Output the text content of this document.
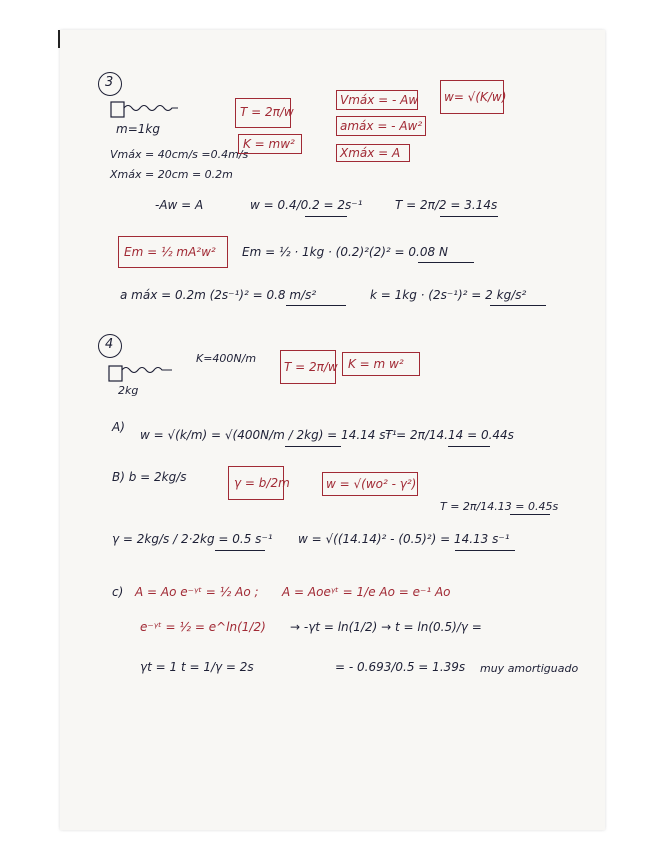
3
m=1kg
Vmáx = 40cm/s =0.4m/s
Xmáx = 20cm = 0.2m
T = 2π/w
K = mw²
Vmáx = - Aw
amáx = - Aw²
Xmáx = A
w= √(K/w)
-Aw = A	w = 0.4/0.2 = 2s⁻¹	T = 2π/2 = 3.14s
Em = ½ mA²w² Em = ½ · 1kg · (0.2)²(2)² = 0.08 N
a máx = 0.2m (2s⁻¹)² = 0.8 m/s²	k = 1kg · (2s⁻¹)² = 2 kg/s²
4
K=400N/m
2kg
T = 2π/w K = m w²
A)
w = √(k/m) = √(400N/m / 2kg) = 14.14 s⁻¹
T = 2π/14.14 = 0.44s
B) b = 2kg/s	γ = b/2m	w = √(wo² - γ²)
T = 2π/14.13 = 0.45s
γ = 2kg/s / 2·2kg = 0.5 s⁻¹ w = √((14.14)² - (0.5)²) = 14.13 s⁻¹
c) A = Ao e⁻ᵞᵗ = ½ Ao ; A = Aoeᵞᵗ = 1/e Ao = e⁻¹ Ao
e⁻ᵞᵗ = ½ = e^ln(1/2) → -γt = ln(1/2) → t = ln(0.5)/γ =
γt = 1 t = 1/γ = 2s	= - 0.693/0.5 = 1.39s muy amortiguado
